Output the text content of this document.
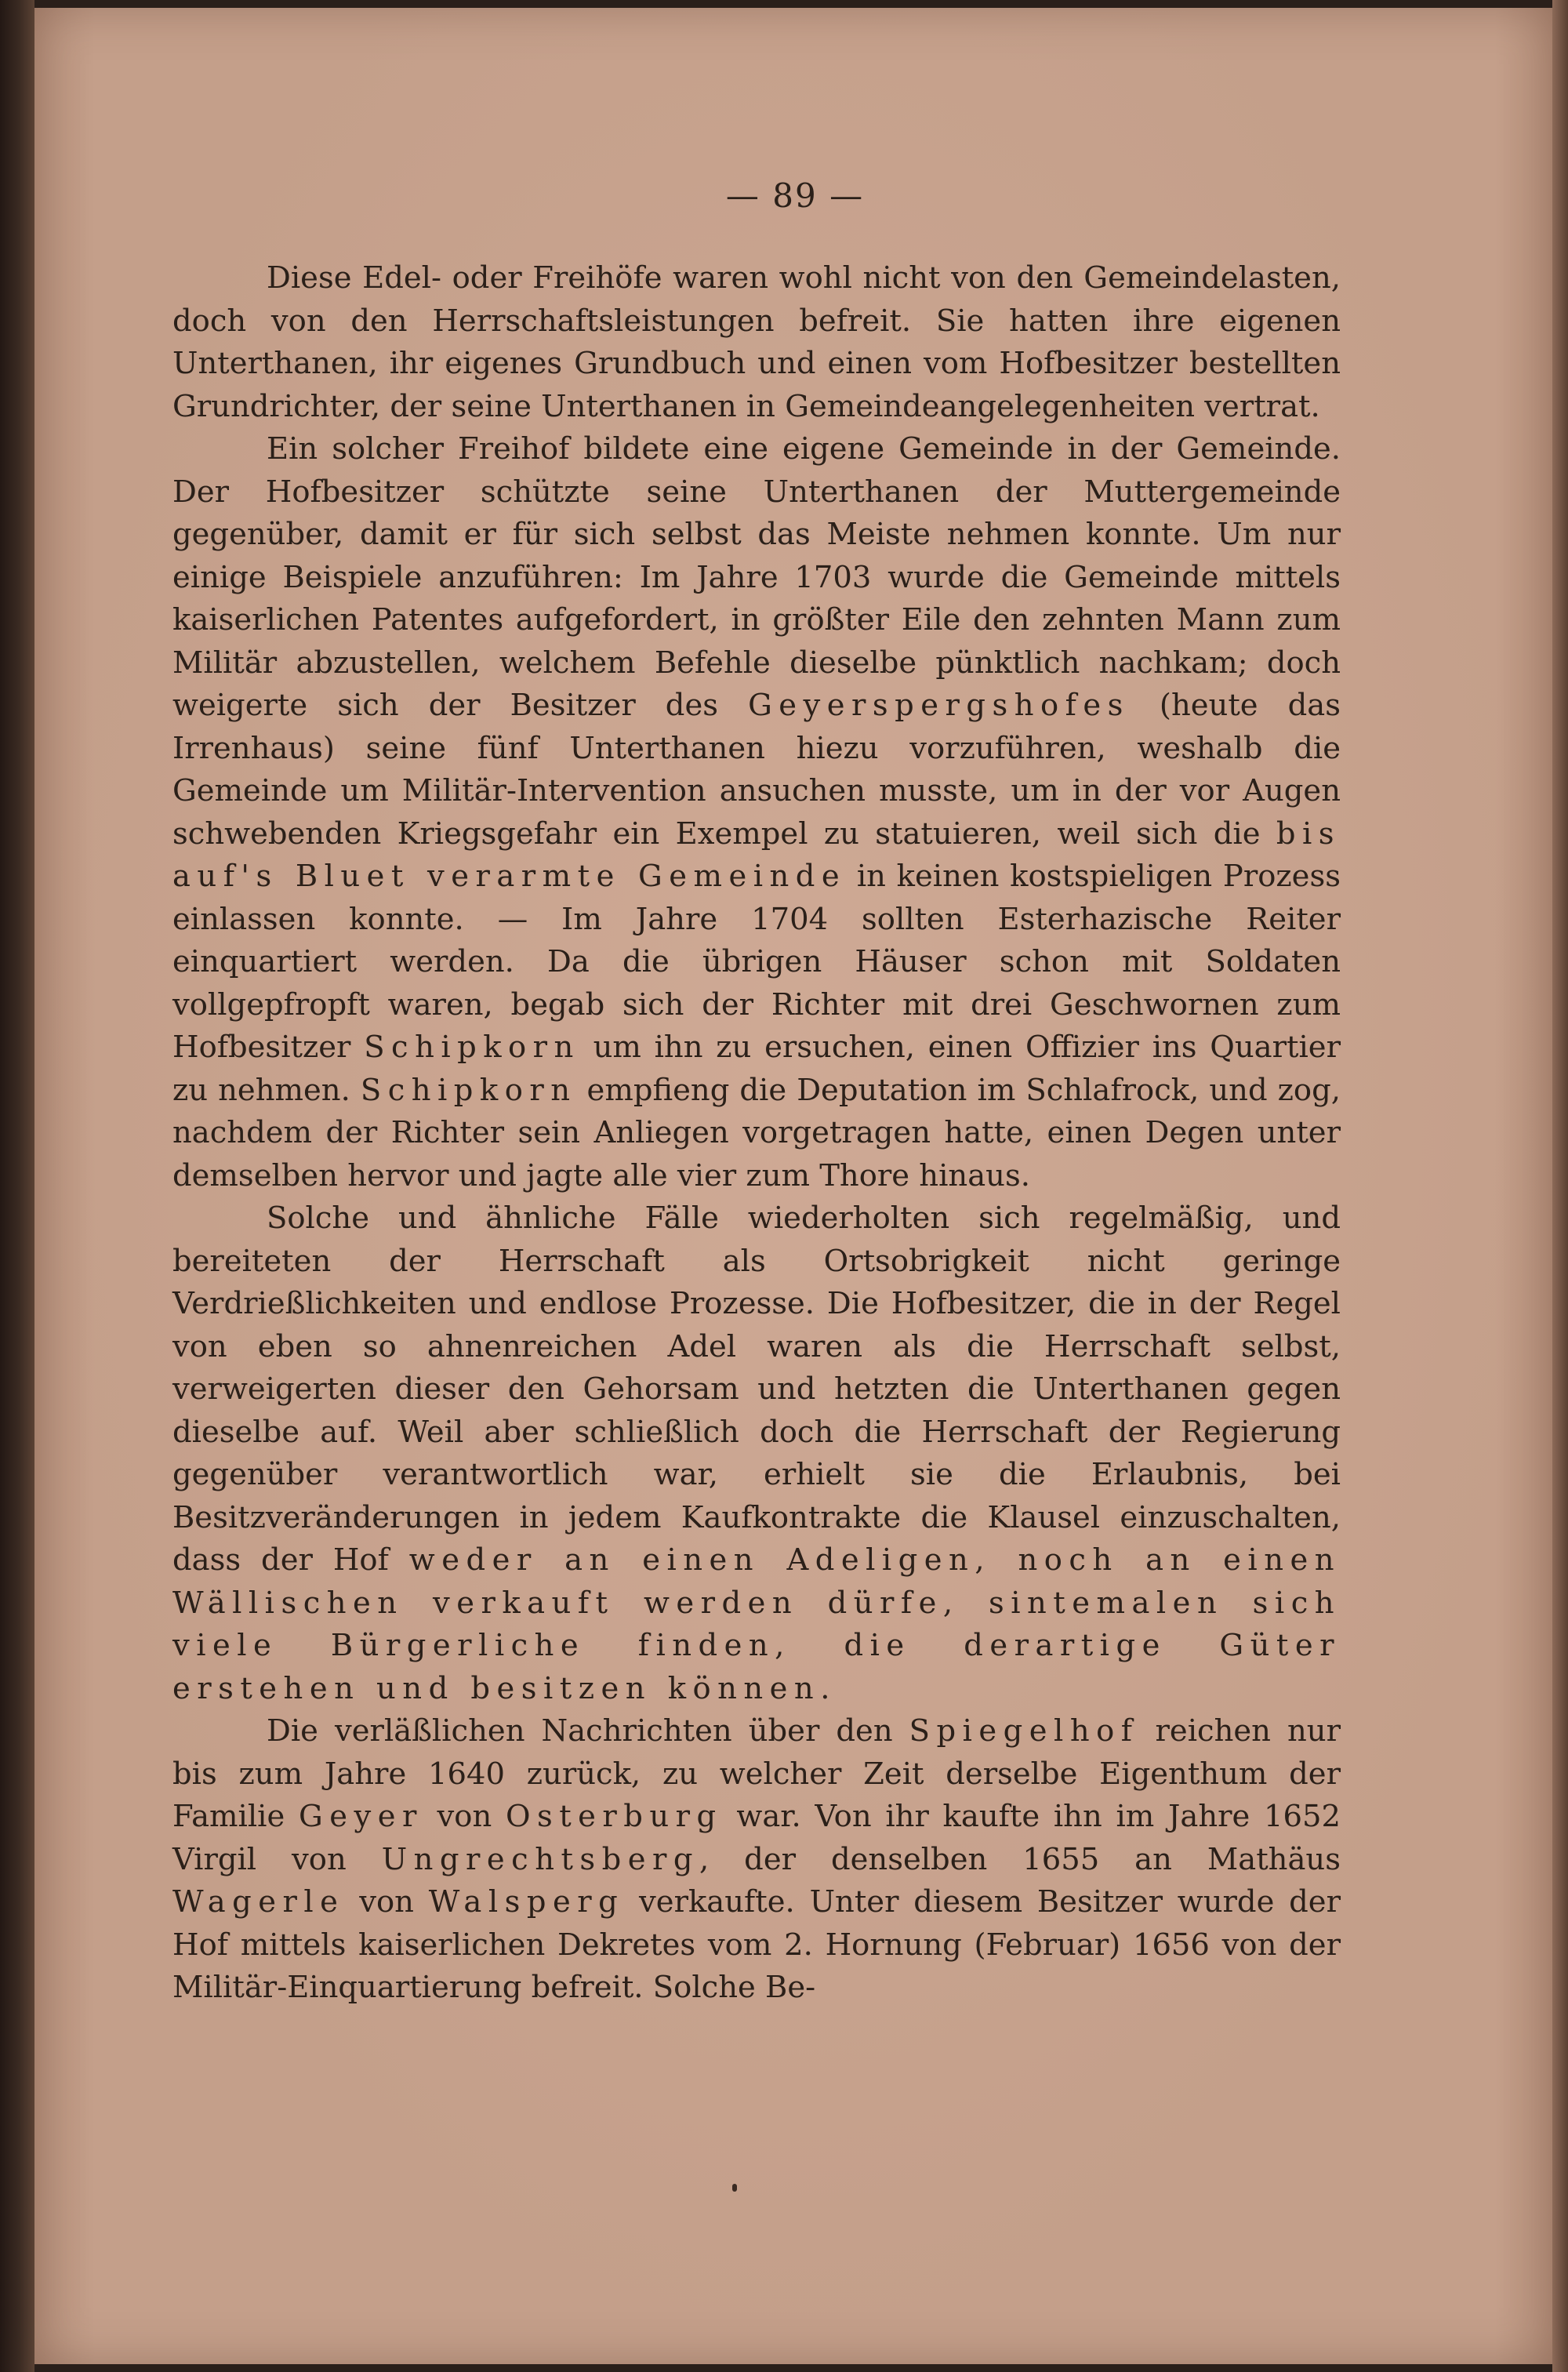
— 89 —

Diese Edel- oder Freihöfe waren wohl nicht von den Gemeindelasten, doch von den Herrschaftsleistungen befreit. Sie hatten ihre eigenen Unterthanen, ihr eigenes Grundbuch und einen vom Hofbesitzer bestellten Grundrichter, der seine Unterthanen in Gemeindeangelegenheiten vertrat.

Ein solcher Freihof bildete eine eigene Gemeinde in der Gemeinde. Der Hofbesitzer schützte seine Unterthanen der Muttergemeinde gegenüber, damit er für sich selbst das Meiste nehmen konnte. Um nur einige Beispiele anzuführen: Im Jahre 1703 wurde die Gemeinde mittels kaiserlichen Patentes aufgefordert, in größter Eile den zehnten Mann zum Militär abzustellen, welchem Befehle dieselbe pünktlich nachkam; doch weigerte sich der Besitzer des Geyerspergshofes (heute das Irrenhaus) seine fünf Unterthanen hiezu vorzuführen, weshalb die Gemeinde um Militär-Intervention ansuchen musste, um in der vor Augen schwebenden Kriegsgefahr ein Exempel zu statuieren, weil sich die bis auf's Bluet verarmte Gemeinde in keinen kostspieligen Prozess einlassen konnte. — Im Jahre 1704 sollten Esterhazische Reiter einquartiert werden. Da die übrigen Häuser schon mit Soldaten vollgepfropft waren, begab sich der Richter mit drei Geschwornen zum Hofbesitzer Schipkorn um ihn zu ersuchen, einen Offizier ins Quartier zu nehmen. Schipkorn empfieng die Deputation im Schlafrock, und zog, nachdem der Richter sein Anliegen vorgetragen hatte, einen Degen unter demselben hervor und jagte alle vier zum Thore hinaus.

Solche und ähnliche Fälle wiederholten sich regelmäßig, und bereiteten der Herrschaft als Ortsobrigkeit nicht geringe Verdrießlichkeiten und endlose Prozesse. Die Hofbesitzer, die in der Regel von eben so ahnenreichen Adel waren als die Herrschaft selbst, verweigerten dieser den Gehorsam und hetzten die Unterthanen gegen dieselbe auf. Weil aber schließlich doch die Herrschaft der Regierung gegenüber verantwortlich war, erhielt sie die Erlaubnis, bei Besitzveränderungen in jedem Kaufkontrakte die Klausel einzuschalten, dass der Hof weder an einen Adeligen, noch an einen Wällischen verkauft werden dürfe, sintemalen sich viele Bürgerliche finden, die derartige Güter erstehen und besitzen können.

Die verläßlichen Nachrichten über den Spiegelhof reichen nur bis zum Jahre 1640 zurück, zu welcher Zeit derselbe Eigenthum der Familie Geyer von Osterburg war. Von ihr kaufte ihn im Jahre 1652 Virgil von Ungrechtsberg, der denselben 1655 an Mathäus Wagerle von Walsperg verkaufte. Unter diesem Besitzer wurde der Hof mittels kaiserlichen Dekretes vom 2. Hornung (Februar) 1656 von der Militär-Einquartierung befreit. Solche Be-
